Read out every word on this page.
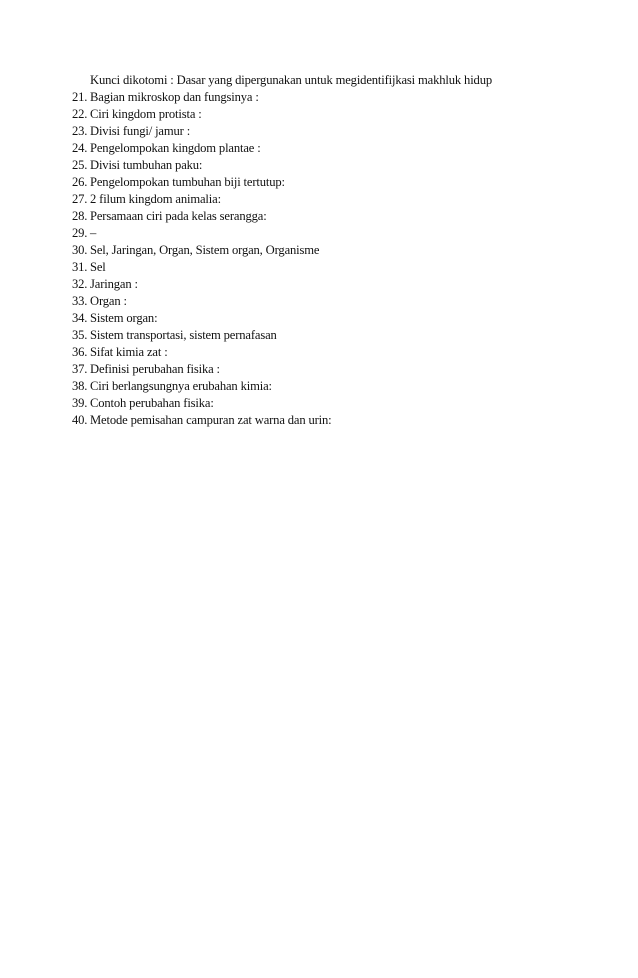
Kunci dikotomi : Dasar yang dipergunakan untuk megidentifijkasi makhluk hidup
21. Bagian mikroskop dan fungsinya :
22. Ciri kingdom protista :
23. Divisi fungi/ jamur :
24. Pengelompokan kingdom plantae :
25. Divisi tumbuhan paku:
26. Pengelompokan tumbuhan biji tertutup:
27. 2 filum kingdom animalia:
28. Persamaan ciri pada kelas serangga:
29. –
30. Sel, Jaringan, Organ, Sistem organ, Organisme
31. Sel
32. Jaringan :
33. Organ :
34. Sistem organ:
35. Sistem transportasi, sistem pernafasan
36. Sifat kimia zat :
37. Definisi perubahan fisika :
38. Ciri berlangsungnya erubahan kimia:
39. Contoh perubahan fisika:
40. Metode pemisahan campuran zat warna dan urin:
